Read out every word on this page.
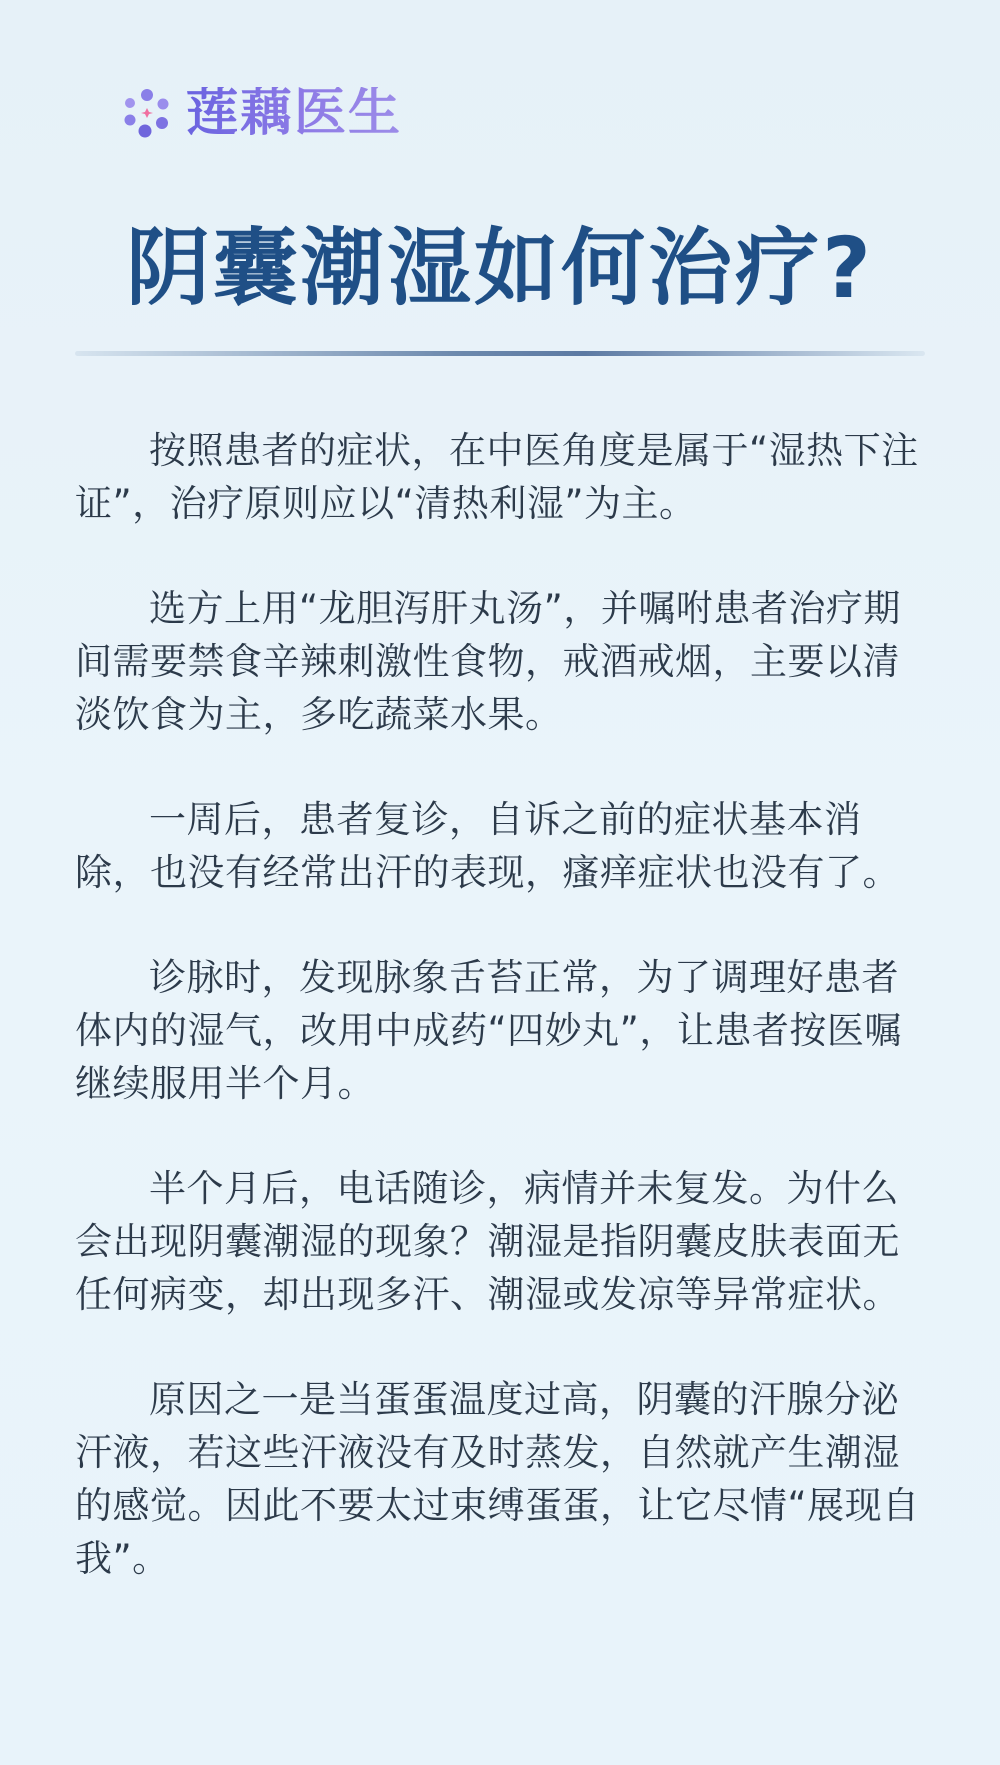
莲藕医生
阴囊潮湿如何治疗?

按照患者的症状，在中医角度是属于“湿热下注证”，治疗原则应以“清热利湿”为主。

选方上用“龙胆泻肝丸汤”，并嘱咐患者治疗期间需要禁食辛辣刺激性食物，戒酒戒烟，主要以清淡饮食为主，多吃蔬菜水果。

一周后，患者复诊，自诉之前的症状基本消除，也没有经常出汗的表现，瘙痒症状也没有了。

诊脉时，发现脉象舌苔正常，为了调理好患者体内的湿气，改用中成药“四妙丸”，让患者按医嘱继续服用半个月。

半个月后，电话随诊，病情并未复发。为什么会出现阴囊潮湿的现象？潮湿是指阴囊皮肤表面无任何病变，却出现多汗、潮湿或发凉等异常症状。

原因之一是当蛋蛋温度过高，阴囊的汗腺分泌汗液，若这些汗液没有及时蒸发，自然就产生潮湿的感觉。因此不要太过束缚蛋蛋，让它尽情“展现自我”。
